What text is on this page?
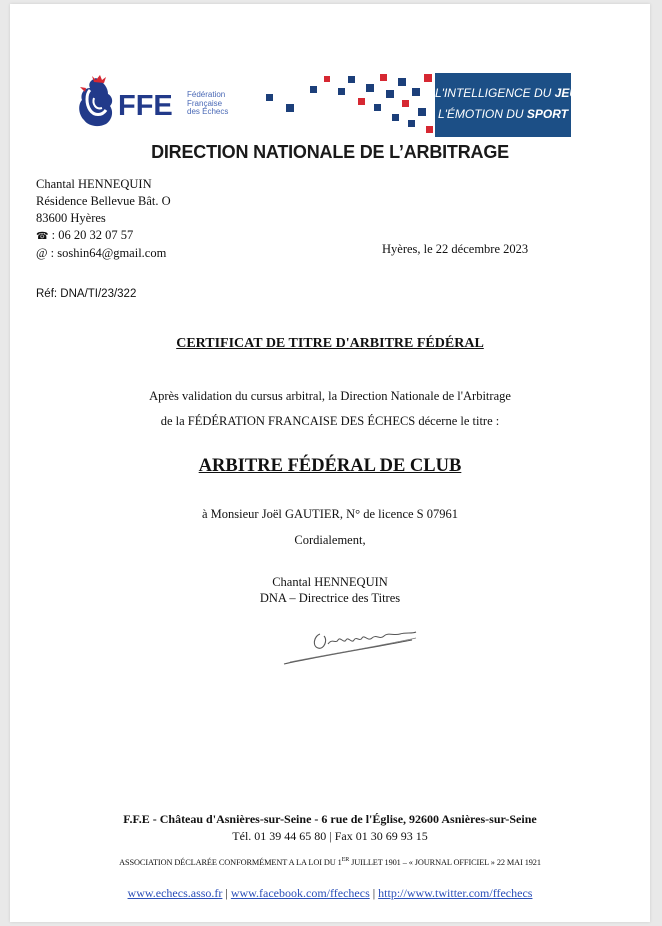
FFE Fédération
Française
des Échecs
L'INTELLIGENCE DU JEU
L'ÉMOTION DU SPORT
DIRECTION NATIONALE DE L’ARBITRAGE
Chantal HENNEQUIN
Résidence Bellevue Bât. O
83600 Hyères
☎ : 06 20 32 07 57
@ : soshin64@gmail.com	Hyères, le 22 décembre 2023
Réf: DNA/TI/23/322
CERTIFICAT DE TITRE D'ARBITRE FÉDÉRAL
Après validation du cursus arbitral, la Direction Nationale de l'Arbitrage
de la FÉDÉRATION FRANCAISE DES ÉCHECS décerne le titre :
ARBITRE FÉDÉRAL DE CLUB
à Monsieur Joël GAUTIER, N° de licence S 07961
Cordialement,
Chantal HENNEQUIN
DNA – Directrice des Titres
F.F.E - Château d'Asnières-sur-Seine - 6 rue de l'Église, 92600 Asnières-sur-Seine
Tél. 01 39 44 65 80 | Fax 01 30 69 93 15
ASSOCIATION DÉCLARÉE CONFORMÉMENT A LA LOI DU 1ER JUILLET 1901 – « JOURNAL OFFICIEL » 22 MAI 1921
www.echecs.asso.fr | www.facebook.com/ffechecs | http://www.twitter.com/ffechecs
